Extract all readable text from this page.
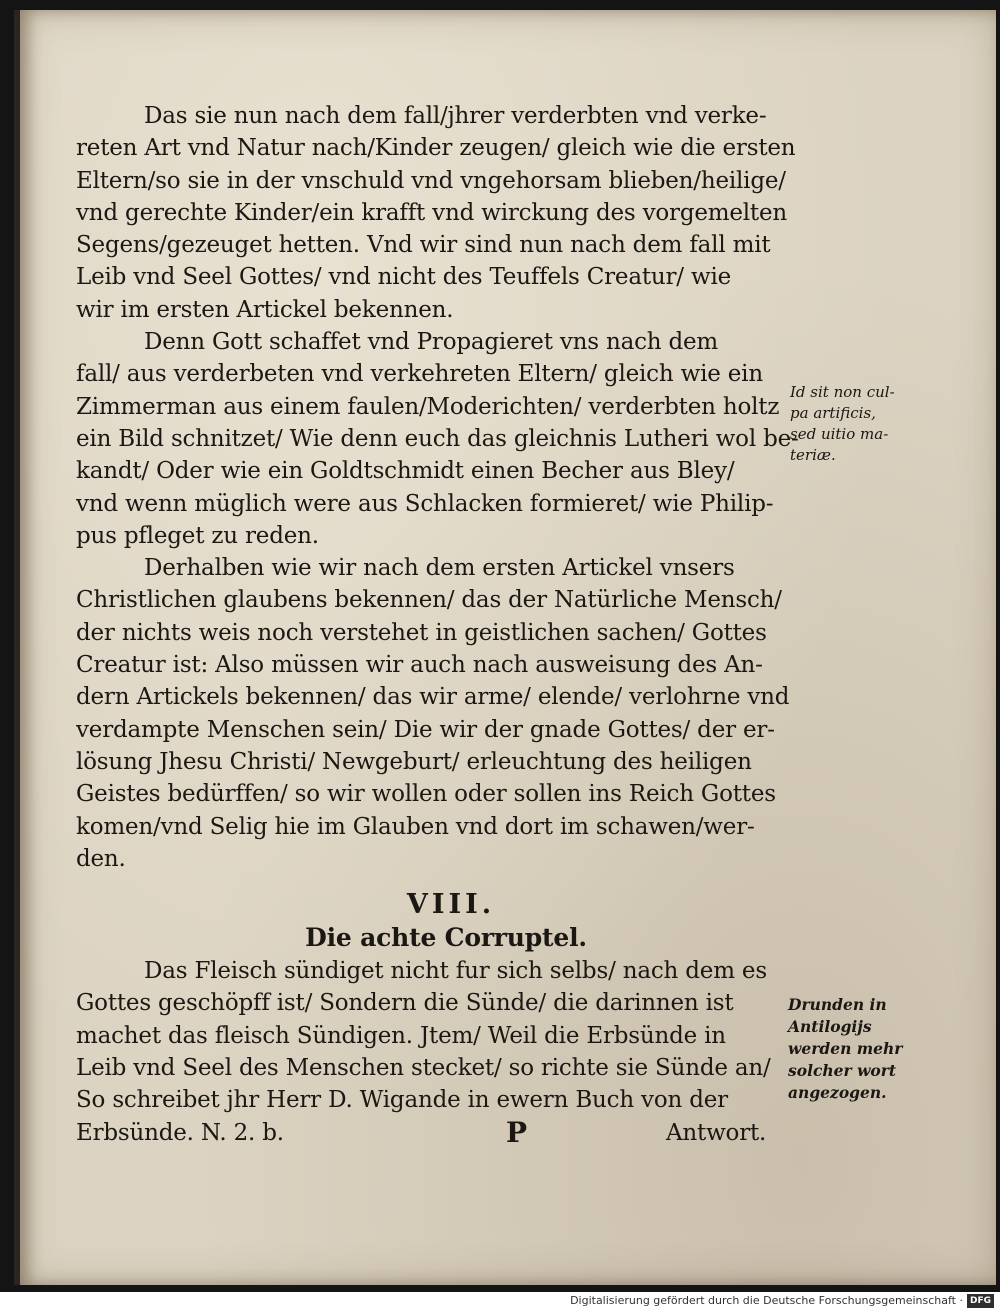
Das sie nun nach dem fall/jhrer verderbten vnd verke-
reten Art vnd Natur nach/Kinder zeugen/ gleich wie die ersten
Eltern/so sie in der vnschuld vnd vngehorsam blieben/heilige/
vnd gerechte Kinder/ein krafft vnd wirckung des vorgemelten
Segens/gezeuget hetten. Vnd wir sind nun nach dem fall mit
Leib vnd Seel Gottes/ vnd nicht des Teuffels Creatur/ wie
wir im ersten Artickel bekennen.
Denn Gott schaffet vnd Propagieret vns nach dem
fall/ aus verderbeten vnd verkehreten Eltern/ gleich wie ein
Zimmerman aus einem faulen/Moderichten/ verderbten holtz
ein Bild schnitzet/ Wie denn euch das gleichnis Lutheri wol be-
kandt/ Oder wie ein Goldtschmidt einen Becher aus Bley/
vnd wenn müglich were aus Schlacken formieret/ wie Philip-
pus pfleget zu reden.
Derhalben wie wir nach dem ersten Artickel vnsers
Christlichen glaubens bekennen/ das der Natürliche Mensch/
der nichts weis noch verstehet in geistlichen sachen/ Gottes
Creatur ist: Also müssen wir auch nach ausweisung des An-
dern Artickels bekennen/ das wir arme/ elende/ verlohrne vnd
verdampte Menschen sein/ Die wir der gnade Gottes/ der er-
lösung Jhesu Christi/ Newgeburt/ erleuchtung des heiligen
Geistes bedürffen/ so wir wollen oder sollen ins Reich Gottes
komen/vnd Selig hie im Glauben vnd dort im schawen/wer-
den.
VIII.
Die achte Corruptel.
Das Fleisch sündiget nicht fur sich selbs/ nach dem es
Gottes geschöpff ist/ Sondern die Sünde/ die darinnen ist
machet das fleisch Sündigen. Jtem/ Weil die Erbsünde in
Leib vnd Seel des Menschen stecket/ so richte sie Sünde an/
So schreibet jhr Herr D. Wigande in ewern Buch von der
Erbsünde. N. 2. b.	P	Antwort.
Id sit non cul-
pa artificis,
sed uitio ma-
teriæ.
Drunden in
Antilogijs
werden mehr
solcher wort
angezogen.
Digitalisierung gefördert durch die Deutsche Forschungsgemeinschaft · DFG
